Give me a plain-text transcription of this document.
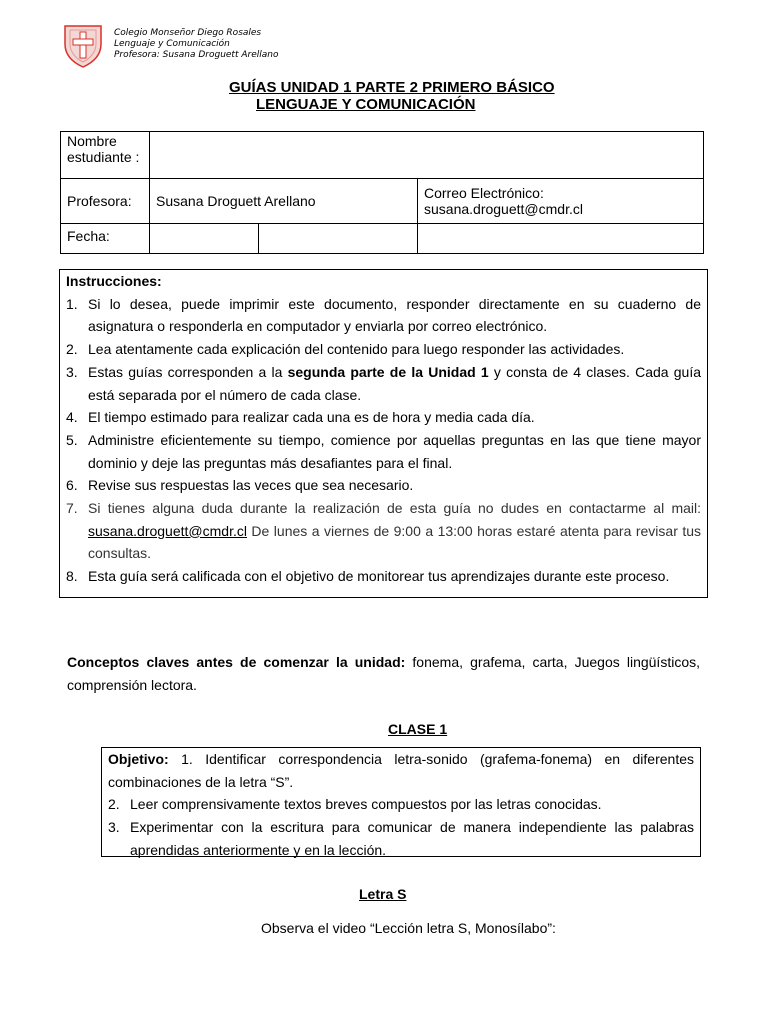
Colegio Monseñor Diego Rosales
Lenguaje y Comunicación
Profesora: Susana Droguett Arellano
GUÍAS UNIDAD 1 PARTE 2 PRIMERO BÁSICO
LENGUAJE Y COMUNICACIÓN
Nombre estudiante :			
Profesora:	Susana Droguett Arellano		Correo Electrónico: susana.droguett@cmdr.cl
Fecha:			
Instrucciones:
1. Si lo desea, puede imprimir este documento, responder directamente en su cuaderno de asignatura o responderla en computador y enviarla por correo electrónico.
2. Lea atentamente cada explicación del contenido para luego responder las actividades.
3. Estas guías corresponden a la segunda parte de la Unidad 1 y consta de 4 clases. Cada guía está separada por el número de cada clase.
4. El tiempo estimado para realizar cada una es de hora y media cada día.
5. Administre eficientemente su tiempo, comience por aquellas preguntas en las que tiene mayor dominio y deje las preguntas más desafiantes para el final.
6. Revise sus respuestas las veces que sea necesario.
7. Si tienes alguna duda durante la realización de esta guía no dudes en contactarme al mail: susana.droguett@cmdr.cl De lunes a viernes de 9:00 a 13:00 horas estaré atenta para revisar tus consultas.
8. Esta guía será calificada con el objetivo de monitorear tus aprendizajes durante este proceso.
Conceptos claves antes de comenzar la unidad: fonema, grafema, carta, Juegos lingüísticos, comprensión lectora.
CLASE 1
Objetivo: 1. Identificar correspondencia letra-sonido (grafema-fonema) en diferentes combinaciones de la letra “S”.
2. Leer comprensivamente textos breves compuestos por las letras conocidas.
3. Experimentar con la escritura para comunicar de manera independiente las palabras aprendidas anteriormente y en la lección.
Letra S
Observa el video “Lección letra S, Monosílabo”:
